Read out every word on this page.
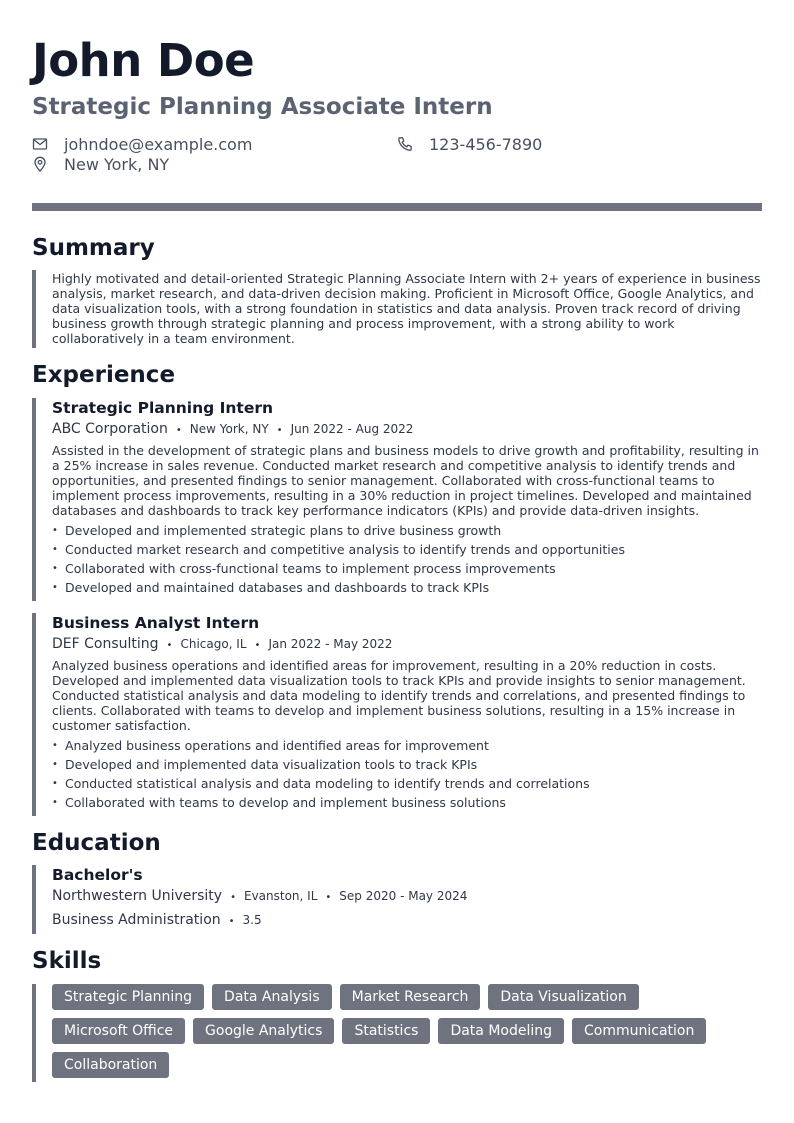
John Doe
Strategic Planning Associate Intern
johndoe@example.com	123-456-7890
New York, NY
Summary
Highly motivated and detail-oriented Strategic Planning Associate Intern with 2+ years of experience in business analysis, market research, and data-driven decision making. Proficient in Microsoft Office, Google Analytics, and data visualization tools, with a strong foundation in statistics and data analysis. Proven track record of driving business growth through strategic planning and process improvement, with a strong ability to work collaboratively in a team environment.
Experience
Strategic Planning Intern
ABC Corporation • New York, NY • Jun 2022 - Aug 2022
Assisted in the development of strategic plans and business models to drive growth and profitability, resulting in a 25% increase in sales revenue. Conducted market research and competitive analysis to identify trends and opportunities, and presented findings to senior management. Collaborated with cross-functional teams to implement process improvements, resulting in a 30% reduction in project timelines. Developed and maintained databases and dashboards to track key performance indicators (KPIs) and provide data-driven insights.
• Developed and implemented strategic plans to drive business growth
• Conducted market research and competitive analysis to identify trends and opportunities
• Collaborated with cross-functional teams to implement process improvements
• Developed and maintained databases and dashboards to track KPIs
Business Analyst Intern
DEF Consulting • Chicago, IL • Jan 2022 - May 2022
Analyzed business operations and identified areas for improvement, resulting in a 20% reduction in costs. Developed and implemented data visualization tools to track KPIs and provide insights to senior management. Conducted statistical analysis and data modeling to identify trends and correlations, and presented findings to clients. Collaborated with teams to develop and implement business solutions, resulting in a 15% increase in customer satisfaction.
• Analyzed business operations and identified areas for improvement
• Developed and implemented data visualization tools to track KPIs
• Conducted statistical analysis and data modeling to identify trends and correlations
• Collaborated with teams to develop and implement business solutions
Education
Bachelor's
Northwestern University • Evanston, IL • Sep 2020 - May 2024
Business Administration • 3.5
Skills
Strategic Planning	Data Analysis	Market Research	Data Visualization
Microsoft Office	Google Analytics	Statistics	Data Modeling	Communication
Collaboration
